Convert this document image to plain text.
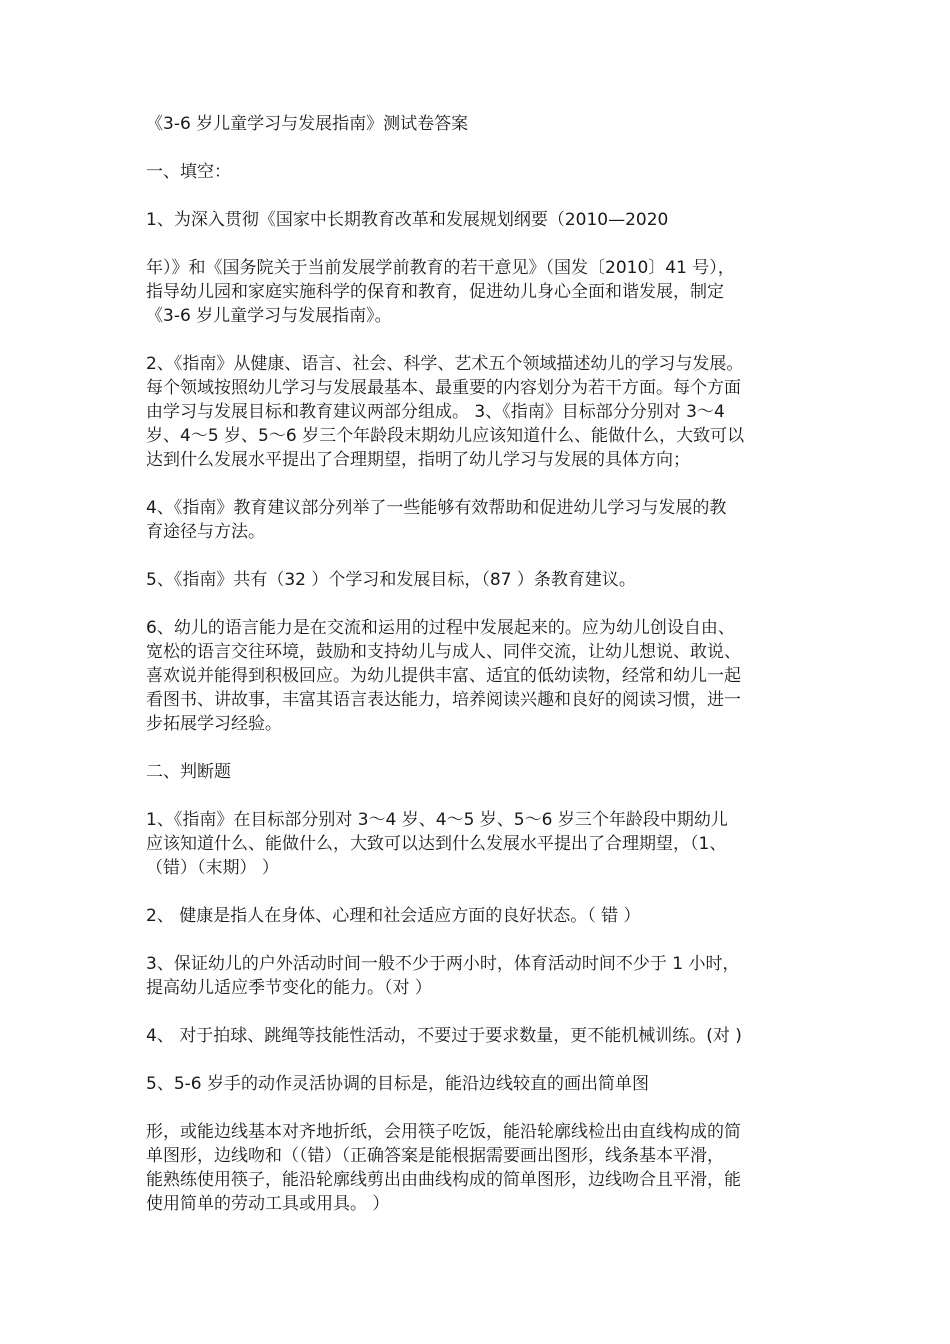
《3-6 岁儿童学习与发展指南》测试卷答案

一、填空：

1、为深入贯彻《国家中长期教育改革和发展规划纲要（2010—2020

年）》和《国务院关于当前发展学前教育的若干意见》（国发〔2010〕41 号），

指导幼儿园和家庭实施科学的保育和教育，促进幼儿身心全面和谐发展，制定

《3-6 岁儿童学习与发展指南》。

2、《指南》从健康、语言、社会、科学、艺术五个领域描述幼儿的学习与发展。

每个领域按照幼儿学习与发展最基本、最重要的内容划分为若干方面。每个方面

由学习与发展目标和教育建议两部分组成。 3、《指南》目标部分分别对 3～4

岁、4～5 岁、5～6 岁三个年龄段末期幼儿应该知道什么、能做什么，大致可以

达到什么发展水平提出了合理期望，指明了幼儿学习与发展的具体方向；

4、《指南》教育建议部分列举了一些能够有效帮助和促进幼儿学习与发展的教

育途径与方法。

5、《指南》共有（32 ）个学习和发展目标，（87 ）条教育建议。

6、幼儿的语言能力是在交流和运用的过程中发展起来的。应为幼儿创设自由、

宽松的语言交往环境，鼓励和支持幼儿与成人、同伴交流，让幼儿想说、敢说、

喜欢说并能得到积极回应。为幼儿提供丰富、适宜的低幼读物，经常和幼儿一起

看图书、讲故事，丰富其语言表达能力，培养阅读兴趣和良好的阅读习惯，进一

步拓展学习经验。

二、判断题

1、《指南》在目标部分别对 3～4 岁、4～5 岁、5～6 岁三个年龄段中期幼儿

应该知道什么、能做什么，大致可以达到什么发展水平提出了合理期望，（1、

（错）（末期） ）

2、 健康是指人在身体、心理和社会适应方面的良好状态。（ 错 ）

3、保证幼儿的户外活动时间一般不少于两小时，体育活动时间不少于 1 小时，

提高幼儿适应季节变化的能力。（对 ）

4、 对于拍球、跳绳等技能性活动，不要过于要求数量，更不能机械训练。(对 )

5、5-6 岁手的动作灵活协调的目标是，能沿边线较直的画出简单图

形，或能边线基本对齐地折纸，会用筷子吃饭，能沿轮廓线检出由直线构成的简

单图形，边线吻和（（错）（正确答案是能根据需要画出图形，线条基本平滑，

能熟练使用筷子，能沿轮廓线剪出由曲线构成的简单图形，边线吻合且平滑，能

使用简单的劳动工具或用具。 ）
